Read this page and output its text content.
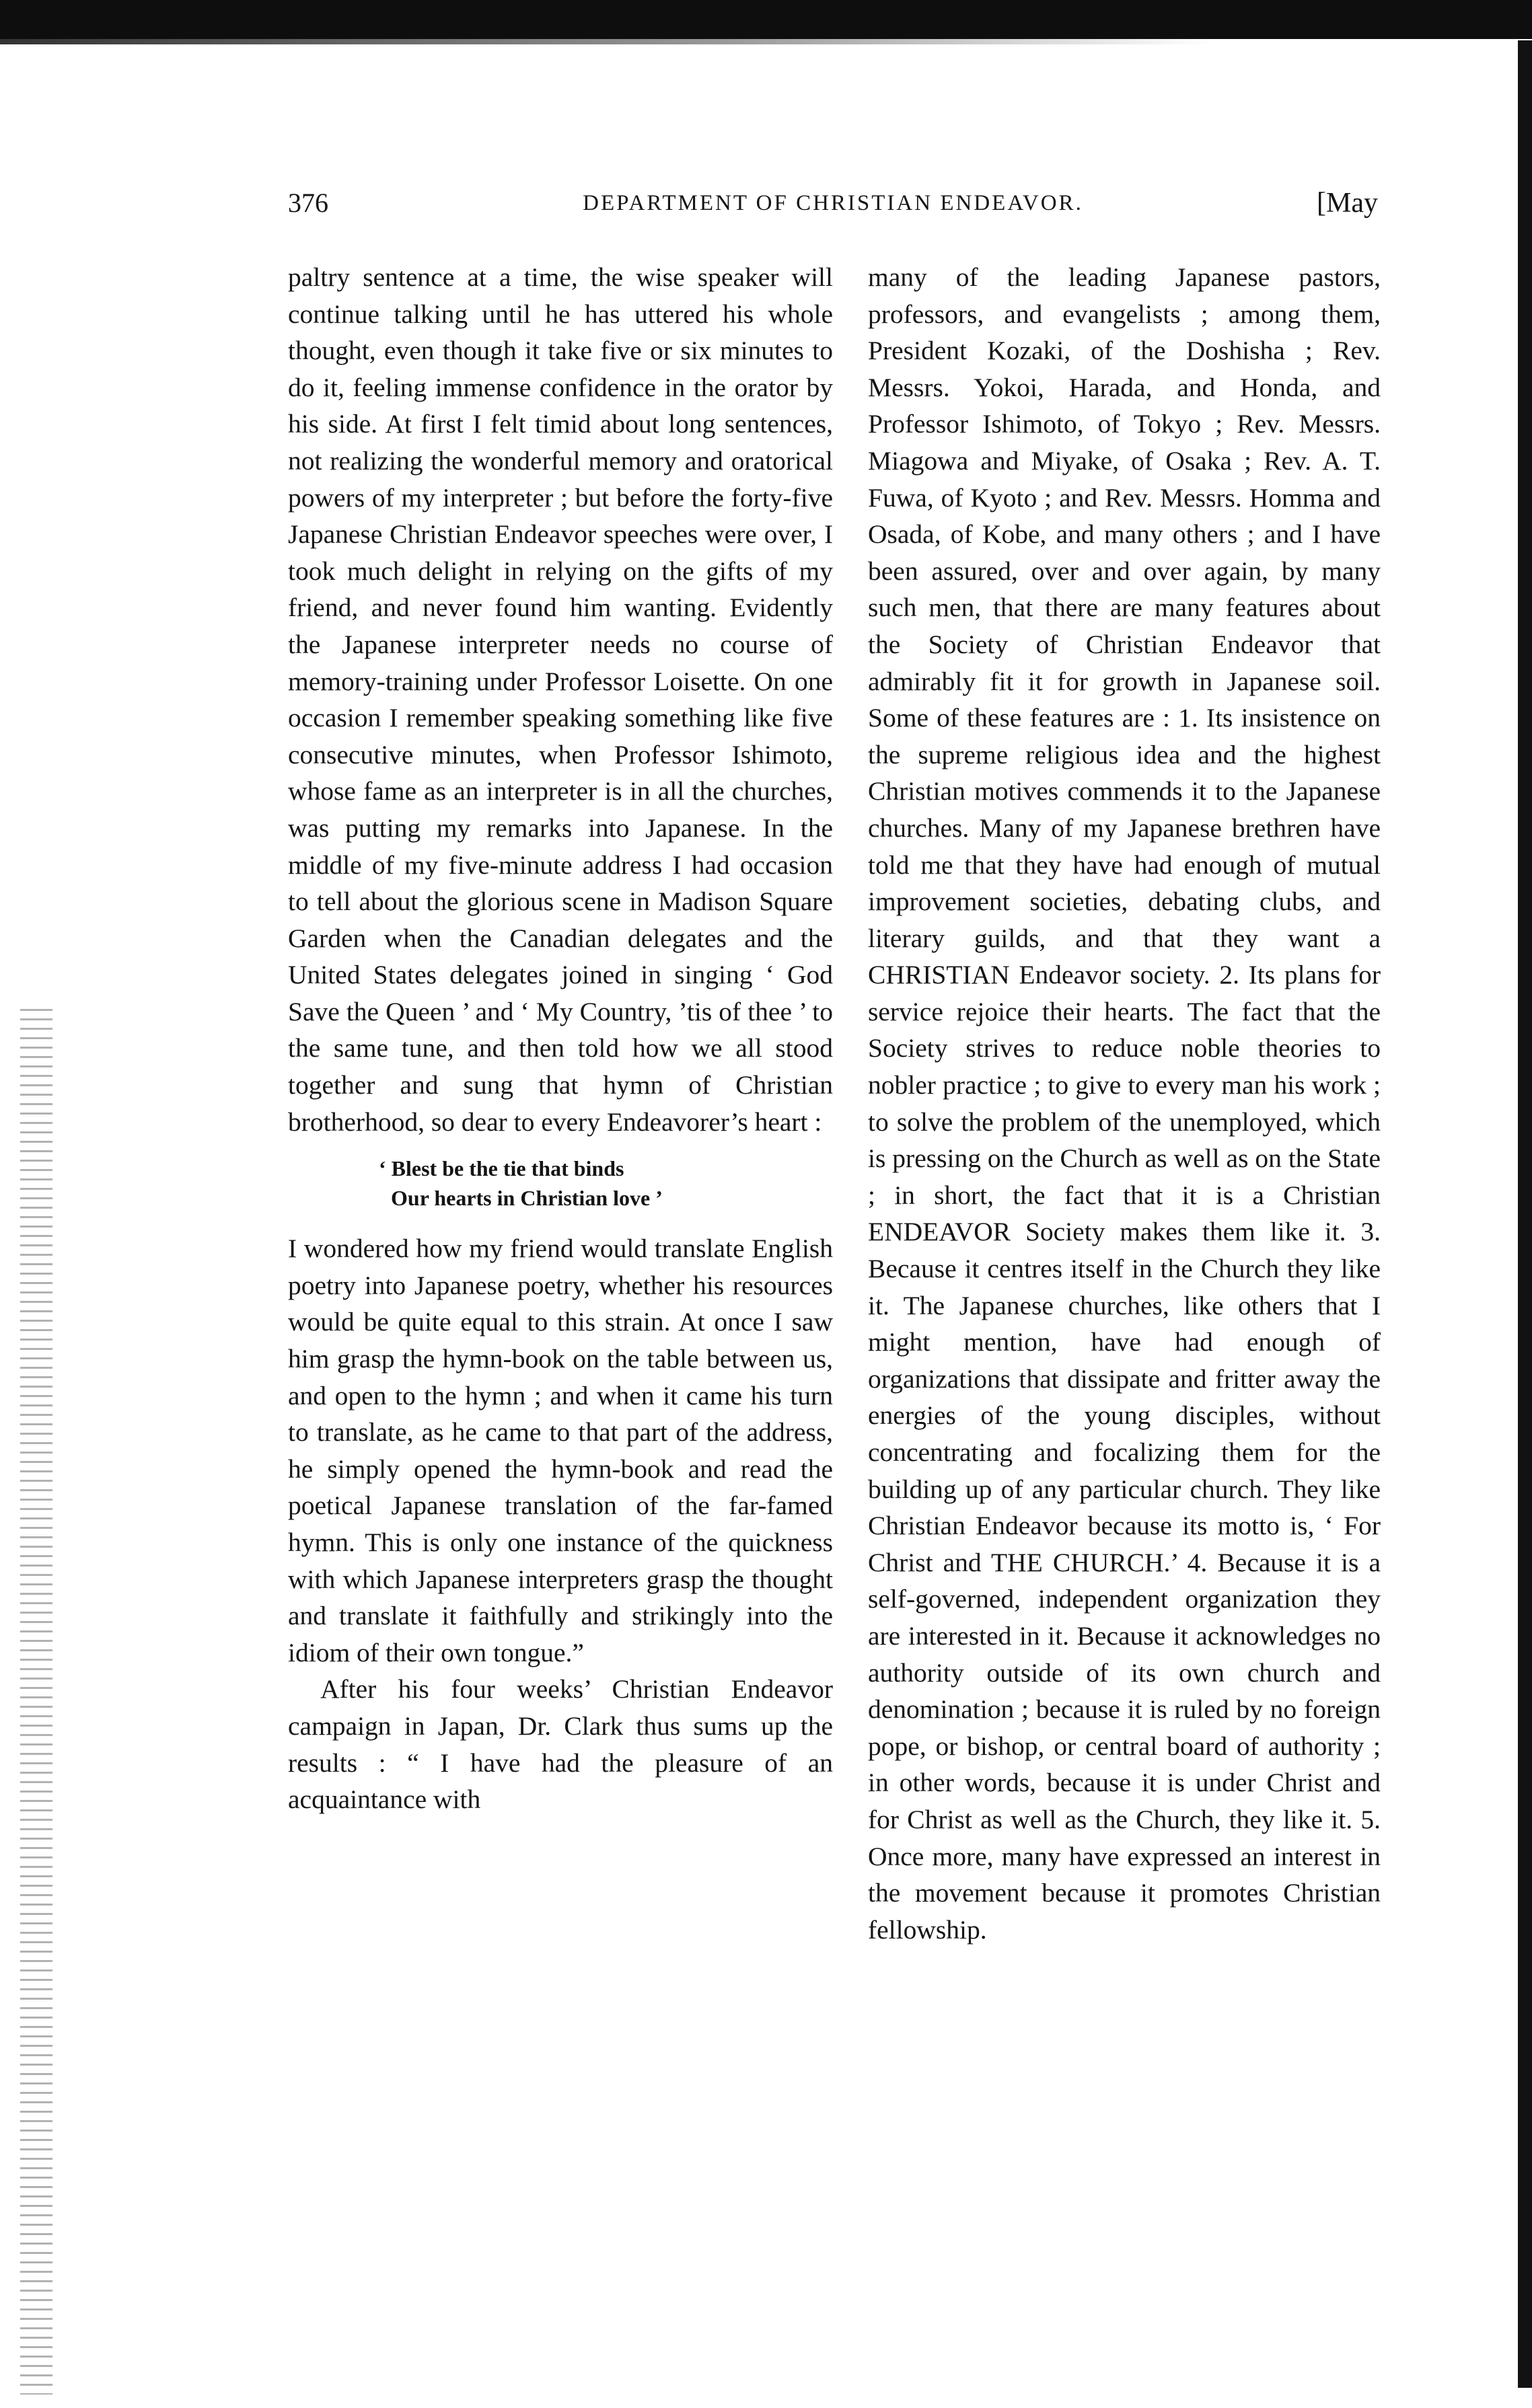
376	DEPARTMENT OF CHRISTIAN ENDEAVOR.	[May

paltry sentence at a time, the wise speaker will continue talking until he has uttered his whole thought, even though it take five or six minutes to do it, feeling immense confidence in the orator by his side. At first I felt timid about long sentences, not realizing the wonderful memory and oratorical powers of my interpreter ; but before the forty-five Japanese Christian Endeavor speeches were over, I took much delight in relying on the gifts of my friend, and never found him wanting. Evidently the Japanese interpreter needs no course of memory-training under Professor Loisette. On one occasion I remember speaking something like five consecutive minutes, when Professor Ishimoto, whose fame as an interpreter is in all the churches, was putting my remarks into Japanese. In the middle of my five-minute address I had occasion to tell about the glorious scene in Madison Square Garden when the Canadian delegates and the United States delegates joined in singing ‘ God Save the Queen ’ and ‘ My Country, ’tis of thee ’ to the same tune, and then told how we all stood together and sung that hymn of Christian brotherhood, so dear to every Endeavorer’s heart :

‘ Blest be the tie that binds
Our hearts in Christian love ’

I wondered how my friend would translate English poetry into Japanese poetry, whether his resources would be quite equal to this strain. At once I saw him grasp the hymn-book on the table between us, and open to the hymn ; and when it came his turn to translate, as he came to that part of the address, he simply opened the hymn-book and read the poetical Japanese translation of the far-famed hymn. This is only one instance of the quickness with which Japanese interpreters grasp the thought and translate it faithfully and strikingly into the idiom of their own tongue.”

After his four weeks’ Christian Endeavor campaign in Japan, Dr. Clark thus sums up the results : “ I have had the pleasure of an acquaintance with

many of the leading Japanese pastors, professors, and evangelists ; among them, President Kozaki, of the Doshisha ; Rev. Messrs. Yokoi, Harada, and Honda, and Professor Ishimoto, of Tokyo ; Rev. Messrs. Miagowa and Miyake, of Osaka ; Rev. A. T. Fuwa, of Kyoto ; and Rev. Messrs. Homma and Osada, of Kobe, and many others ; and I have been assured, over and over again, by many such men, that there are many features about the Society of Christian Endeavor that admirably fit it for growth in Japanese soil. Some of these features are : 1. Its insistence on the supreme religious idea and the highest Christian motives commends it to the Japanese churches. Many of my Japanese brethren have told me that they have had enough of mutual improvement societies, debating clubs, and literary guilds, and that they want a CHRISTIAN Endeavor society. 2. Its plans for service rejoice their hearts. The fact that the Society strives to reduce noble theories to nobler practice ; to give to every man his work ; to solve the problem of the unemployed, which is pressing on the Church as well as on the State ; in short, the fact that it is a Christian ENDEAVOR Society makes them like it. 3. Because it centres itself in the Church they like it. The Japanese churches, like others that I might mention, have had enough of organizations that dissipate and fritter away the energies of the young disciples, without concentrating and focalizing them for the building up of any particular church. They like Christian Endeavor because its motto is, ‘ For Christ and THE CHURCH.’ 4. Because it is a self-governed, independent organization they are interested in it. Because it acknowledges no authority outside of its own church and denomination ; because it is ruled by no foreign pope, or bishop, or central board of authority ; in other words, because it is under Christ and for Christ as well as the Church, they like it. 5. Once more, many have expressed an interest in the movement because it promotes Christian fellowship.
